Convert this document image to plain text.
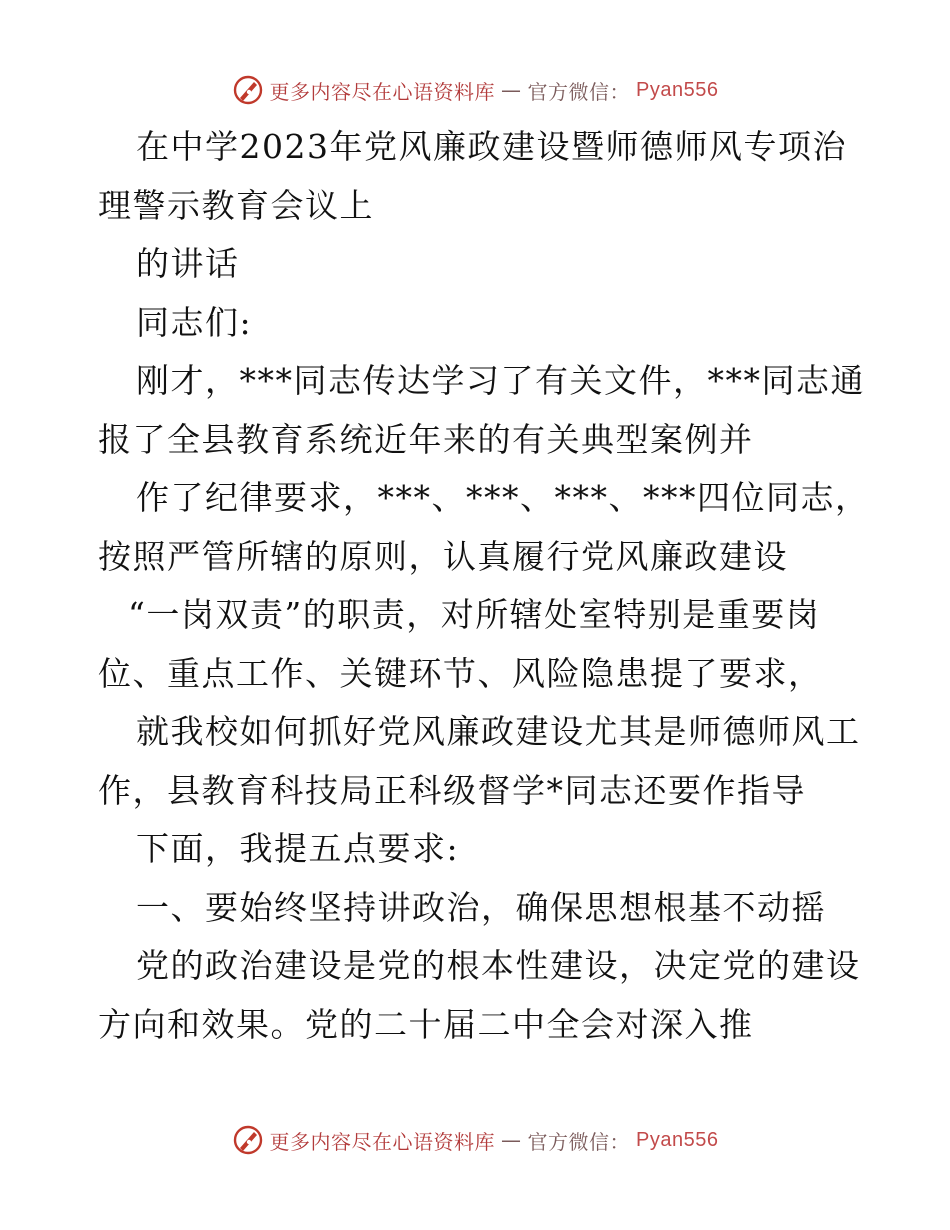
更多内容尽在心语资料库 — 官方微信： Pyan556
在中学2023年党风廉政建设暨师德师风专项治
理警示教育会议上
的讲话
同志们:
刚才，***同志传达学习了有关文件，***同志通
报了全县教育系统近年来的有关典型案例并
作了纪律要求，***、***、***、***四位同志，
按照严管所辖的原则，认真履行党风廉政建设
“一岗双责”的职责，对所辖处室特别是重要岗
位、重点工作、关键环节、风险隐患提了要求，
就我校如何抓好党风廉政建设尤其是师德师风工
作，县教育科技局正科级督学*同志还要作指导
下面，我提五点要求:
一、要始终坚持讲政治，确保思想根基不动摇
党的政治建设是党的根本性建设，决定党的建设
方向和效果。党的二十届二中全会对深入推
更多内容尽在心语资料库 — 官方微信： Pyan556
